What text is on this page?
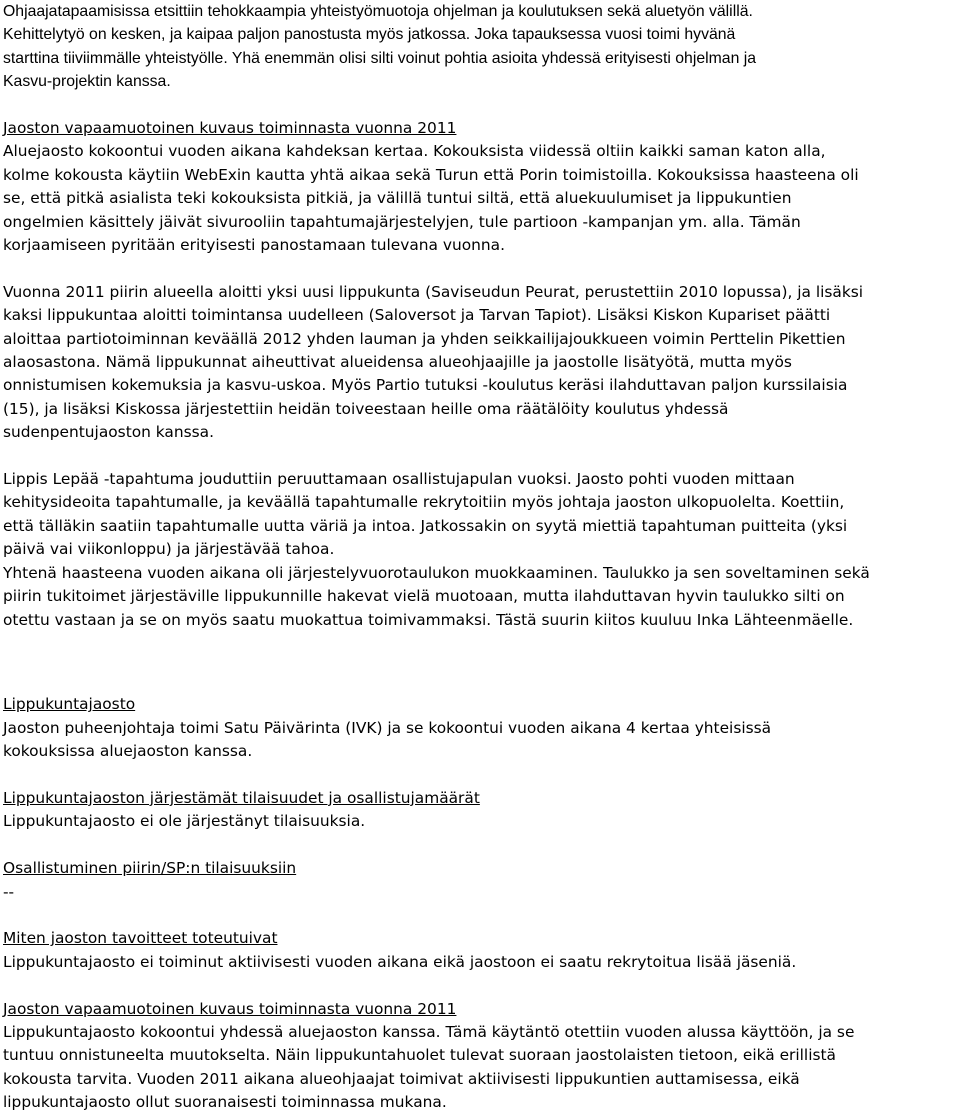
Ohjaajatapaamisissa etsittiin tehokkaampia yhteistyömuotoja ohjelman ja koulutuksen sekä aluetyön välillä.
Kehittelytyö on kesken, ja kaipaa paljon panostusta myös jatkossa. Joka tapauksessa vuosi toimi hyvänä
starttina tiiviimmälle yhteistyölle. Yhä enemmän olisi silti voinut pohtia asioita yhdessä erityisesti ohjelman ja
Kasvu-projektin kanssa.
Jaoston vapaamuotoinen kuvaus toiminnasta vuonna 2011
Aluejaosto kokoontui vuoden aikana kahdeksan kertaa. Kokouksista viidessä oltiin kaikki saman katon alla,
kolme kokousta käytiin WebExin kautta yhtä aikaa sekä Turun että Porin toimistoilla. Kokouksissa haasteena oli
se, että pitkä asialista teki kokouksista pitkiä, ja välillä tuntui siltä, että aluekuulumiset ja lippukuntien
ongelmien käsittely jäivät sivurooliin tapahtumajärjestelyjen, tule partioon -kampanjan ym. alla. Tämän
korjaamiseen pyritään erityisesti panostamaan tulevana vuonna.
Vuonna 2011 piirin alueella aloitti yksi uusi lippukunta (Saviseudun Peurat, perustettiin 2010 lopussa), ja lisäksi
kaksi lippukuntaa aloitti toimintansa uudelleen (Saloversot ja Tarvan Tapiot). Lisäksi Kiskon Kupariset päätti
aloittaa partiotoiminnan keväällä 2012 yhden lauman ja yhden seikkailijajoukkueen voimin Perttelin Pikettien
alaosastona. Nämä lippukunnat aiheuttivat alueidensa alueohjaajille ja jaostolle lisätyötä, mutta myös
onnistumisen kokemuksia ja kasvu-uskoa. Myös Partio tutuksi -koulutus keräsi ilahduttavan paljon kurssilaisia
(15), ja lisäksi Kiskossa järjestettiin heidän toiveestaan heille oma räätälöity koulutus yhdessä
sudenpentujaoston kanssa.
Lippis Lepää -tapahtuma jouduttiin peruuttamaan osallistujapulan vuoksi. Jaosto pohti vuoden mittaan
kehitysideoita tapahtumalle, ja keväällä tapahtumalle rekrytoitiin myös johtaja jaoston ulkopuolelta. Koettiin,
että tälläkin saatiin tapahtumalle uutta väriä ja intoa. Jatkossakin on syytä miettiä tapahtuman puitteita (yksi
päivä vai viikonloppu) ja järjestävää tahoa.
Yhtenä haasteena vuoden aikana oli järjestelyvuorotaulukon muokkaaminen. Taulukko ja sen soveltaminen sekä
piirin tukitoimet järjestäville lippukunnille hakevat vielä muotoaan, mutta ilahduttavan hyvin taulukko silti on
otettu vastaan ja se on myös saatu muokattua toimivammaksi. Tästä suurin kiitos kuuluu Inka Lähteenmäelle.
Lippukuntajaosto
Jaoston puheenjohtaja toimi Satu Päivärinta (IVK) ja se kokoontui vuoden aikana 4 kertaa yhteisissä
kokouksissa aluejaoston kanssa.
Lippukuntajaoston järjestämät tilaisuudet ja osallistujamäärät
Lippukuntajaosto ei ole järjestänyt tilaisuuksia.
Osallistuminen piirin/SP:n tilaisuuksiin
--
Miten jaoston tavoitteet toteutuivat
Lippukuntajaosto ei toiminut aktiivisesti vuoden aikana eikä jaostoon ei saatu rekrytoitua lisää jäseniä.
Jaoston vapaamuotoinen kuvaus toiminnasta vuonna 2011
Lippukuntajaosto kokoontui yhdessä aluejaoston kanssa. Tämä käytäntö otettiin vuoden alussa käyttöön, ja se
tuntuu onnistuneelta muutokselta. Näin lippukuntahuolet tulevat suoraan jaostolaisten tietoon, eikä erillistä
kokousta tarvita. Vuoden 2011 aikana alueohjaajat toimivat aktiivisesti lippukuntien auttamisessa, eikä
lippukuntajaosto ollut suoranaisesti toiminnassa mukana.
